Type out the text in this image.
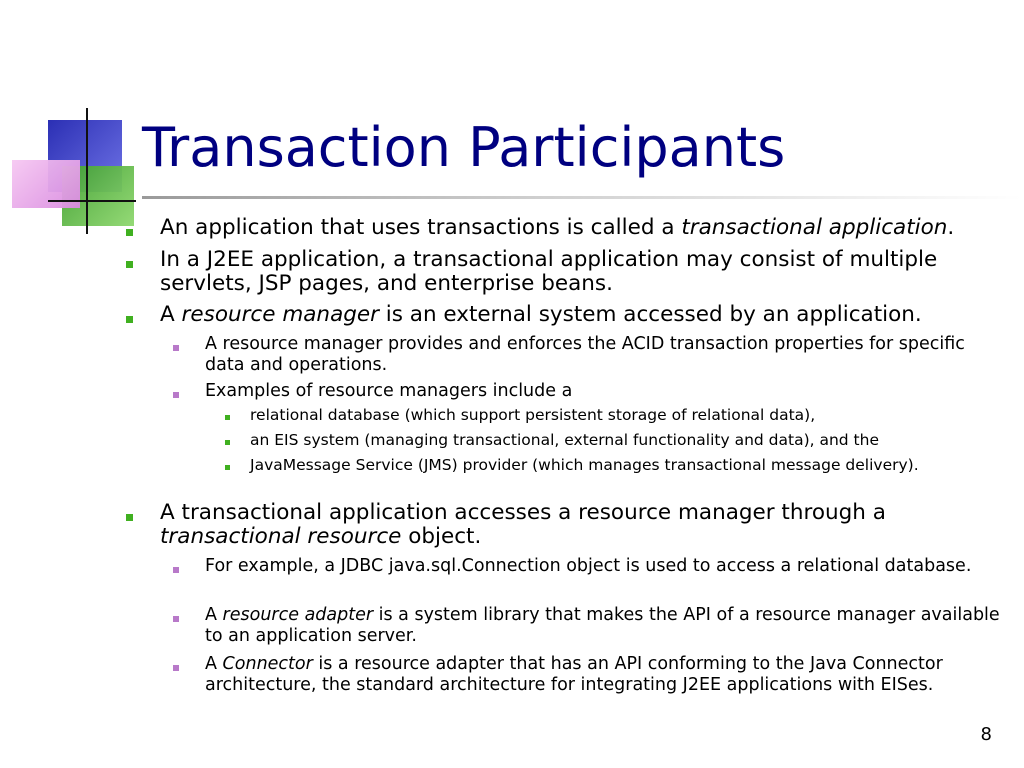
Transaction Participants
An application that uses transactions is called a transactional application.
In a J2EE application, a transactional application may consist of multiple servlets, JSP pages, and enterprise beans.
A resource manager is an external system accessed by an application.
A resource manager provides and enforces the ACID transaction properties for specific data and operations.
Examples of resource managers include a
relational database (which support persistent storage of relational data),
an EIS system (managing transactional, external functionality and data), and the
JavaMessage Service (JMS) provider (which manages transactional message delivery).
A transactional application accesses a resource manager through a transactional resource object.
For example, a JDBC java.sql.Connection object is used to access a relational database.
A resource adapter is a system library that makes the API of a resource manager available to an application server.
A Connector is a resource adapter that has an API conforming to the Java Connector architecture, the standard architecture for integrating J2EE applications with EISes.
8
